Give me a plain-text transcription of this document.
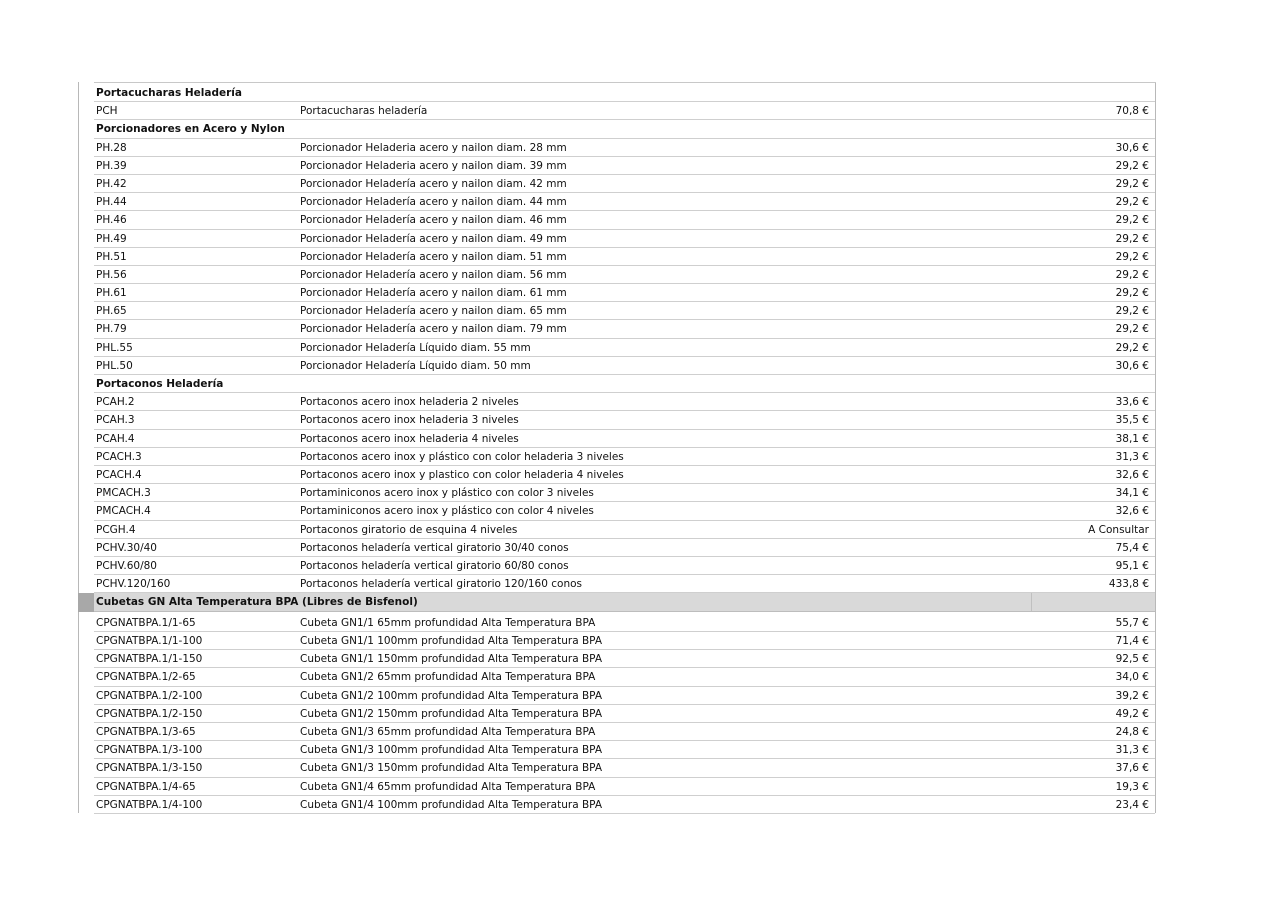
Portacucharas Heladería
PCH	Portacucharas heladería	70,8 €
Porcionadores en Acero y Nylon
PH.28	Porcionador Heladeria acero y nailon diam. 28 mm	30,6 €
PH.39	Porcionador Heladeria acero y nailon diam. 39 mm	29,2 €
PH.42	Porcionador Heladería acero y nailon diam. 42 mm	29,2 €
PH.44	Porcionador Heladería acero y nailon diam. 44 mm	29,2 €
PH.46	Porcionador Heladería acero y nailon diam. 46 mm	29,2 €
PH.49	Porcionador Heladería acero y nailon diam. 49 mm	29,2 €
PH.51	Porcionador Heladería acero y nailon diam. 51 mm	29,2 €
PH.56	Porcionador Heladería acero y nailon diam. 56 mm	29,2 €
PH.61	Porcionador Heladería acero y nailon diam. 61 mm	29,2 €
PH.65	Porcionador Heladería acero y nailon diam. 65 mm	29,2 €
PH.79	Porcionador Heladería acero y nailon diam. 79 mm	29,2 €
PHL.55	Porcionador Heladería Líquido diam. 55 mm	29,2 €
PHL.50	Porcionador Heladería Líquido diam. 50 mm	30,6 €
Portaconos Heladería
PCAH.2	Portaconos acero inox heladeria 2 niveles	33,6 €
PCAH.3	Portaconos acero inox heladeria 3 niveles	35,5 €
PCAH.4	Portaconos acero inox heladeria 4 niveles	38,1 €
PCACH.3	Portaconos acero inox y plástico con color heladeria 3 niveles	31,3 €
PCACH.4	Portaconos acero inox y plastico con color heladeria 4 niveles	32,6 €
PMCACH.3	Portaminiconos acero inox y plástico con color 3 niveles	34,1 €
PMCACH.4	Portaminiconos acero inox y plástico con color 4 niveles	32,6 €
PCGH.4	Portaconos giratorio de esquina 4 niveles	A Consultar
PCHV.30/40	Portaconos heladería vertical giratorio 30/40 conos	75,4 €
PCHV.60/80	Portaconos heladería vertical giratorio 60/80 conos	95,1 €
PCHV.120/160	Portaconos heladería vertical giratorio 120/160 conos	433,8 €
Cubetas GN Alta Temperatura BPA (Libres de Bisfenol)
CPGNATBPA.1/1-65	Cubeta GN1/1 65mm profundidad Alta Temperatura BPA	55,7 €
CPGNATBPA.1/1-100	Cubeta GN1/1 100mm profundidad Alta Temperatura BPA	71,4 €
CPGNATBPA.1/1-150	Cubeta GN1/1 150mm profundidad Alta Temperatura BPA	92,5 €
CPGNATBPA.1/2-65	Cubeta GN1/2 65mm profundidad Alta Temperatura BPA	34,0 €
CPGNATBPA.1/2-100	Cubeta GN1/2 100mm profundidad Alta Temperatura BPA	39,2 €
CPGNATBPA.1/2-150	Cubeta GN1/2 150mm profundidad Alta Temperatura BPA	49,2 €
CPGNATBPA.1/3-65	Cubeta GN1/3 65mm profundidad Alta Temperatura BPA	24,8 €
CPGNATBPA.1/3-100	Cubeta GN1/3 100mm profundidad Alta Temperatura BPA	31,3 €
CPGNATBPA.1/3-150	Cubeta GN1/3 150mm profundidad Alta Temperatura BPA	37,6 €
CPGNATBPA.1/4-65	Cubeta GN1/4 65mm profundidad Alta Temperatura BPA	19,3 €
CPGNATBPA.1/4-100	Cubeta GN1/4 100mm profundidad Alta Temperatura BPA	23,4 €
